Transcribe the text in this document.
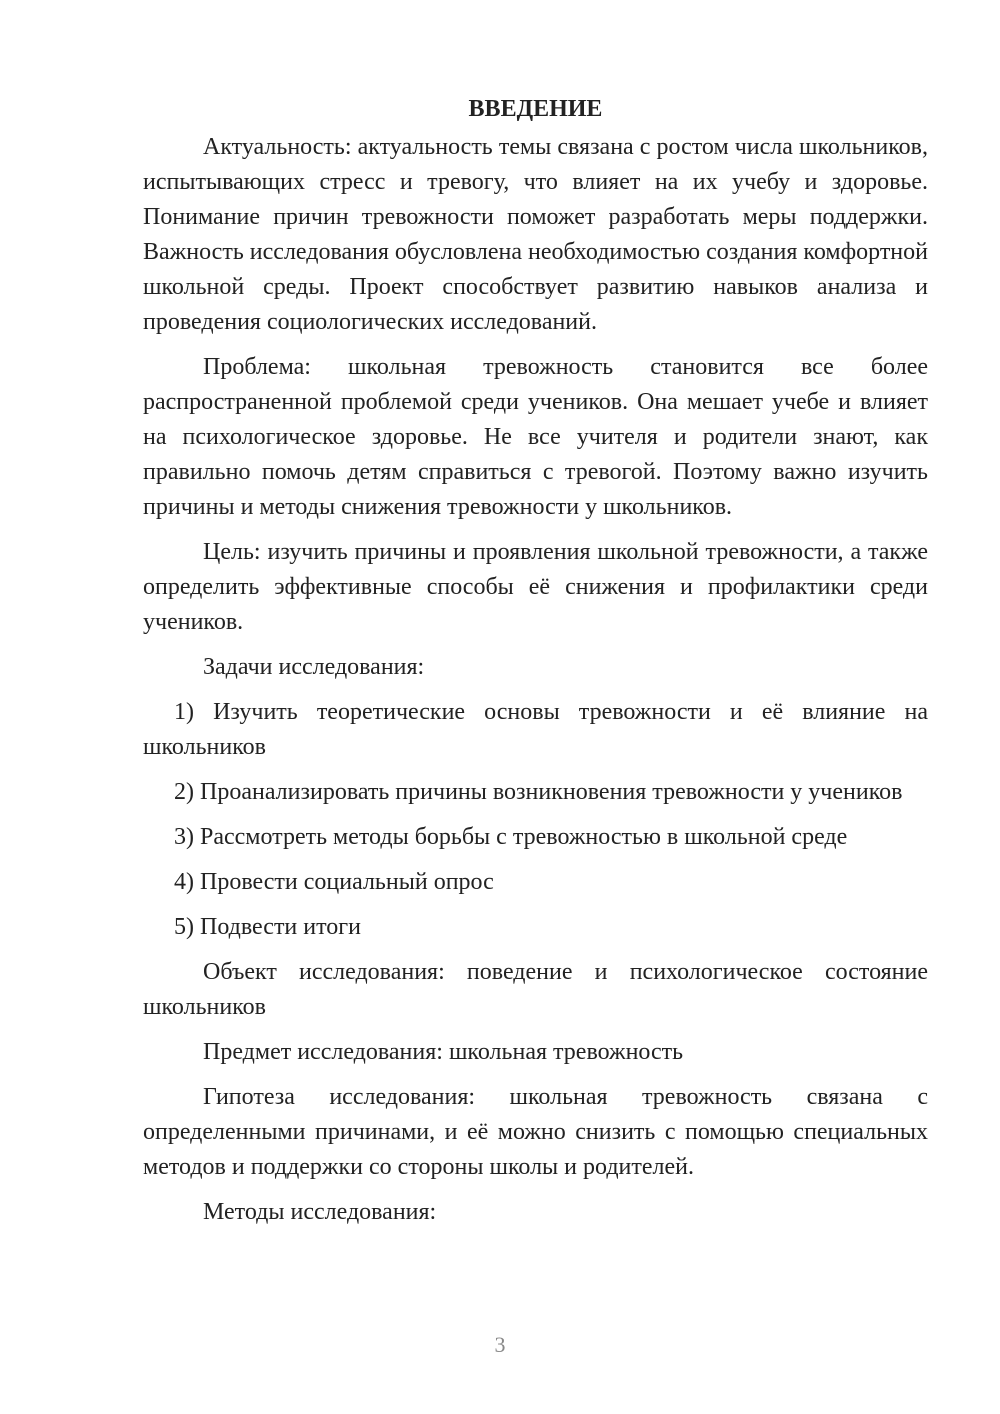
ВВЕДЕНИЕ

Актуальность: актуальность темы связана с ростом числа школьников, испытывающих стресс и тревогу, что влияет на их учебу и здоровье. Понимание причин тревожности поможет разработать меры поддержки. Важность исследования обусловлена необходимостью создания комфортной школьной среды. Проект способствует развитию навыков анализа и проведения социологических исследований.

Проблема: школьная тревожность становится все более распространенной проблемой среди учеников. Она мешает учебе и влияет на психологическое здоровье. Не все учителя и родители знают, как правильно помочь детям справиться с тревогой. Поэтому важно изучить причины и методы снижения тревожности у школьников.

Цель: изучить причины и проявления школьной тревожности, а также определить эффективные способы её снижения и профилактики среди учеников.

Задачи исследования:

1) Изучить теоретические основы тревожности и её влияние на школьников

2) Проанализировать причины возникновения тревожности у учеников

3) Рассмотреть методы борьбы с тревожностью в школьной среде

4) Провести социальный опрос

5) Подвести итоги

Объект исследования: поведение и психологическое состояние школьников

Предмет исследования: школьная тревожность

Гипотеза исследования: школьная тревожность связана с определенными причинами, и её можно снизить с помощью специальных методов и поддержки со стороны школы и родителей.

Методы исследования:

3
